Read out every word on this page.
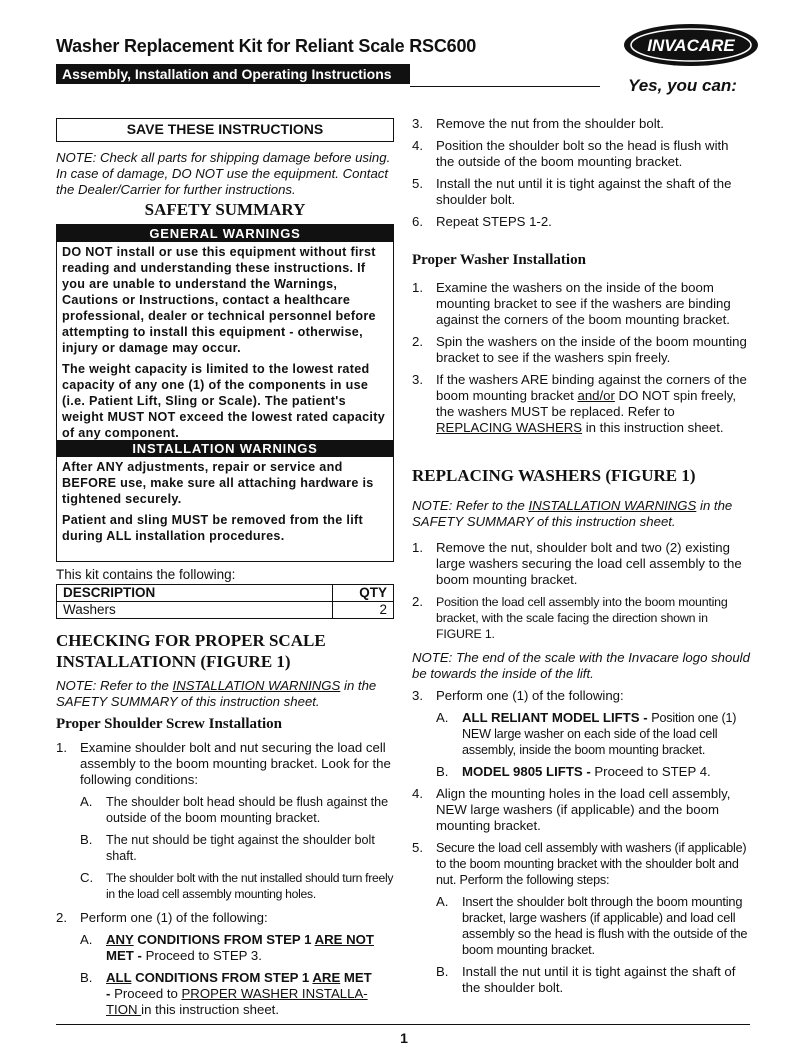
Washer Replacement Kit for Reliant Scale RSC600
Assembly, Installation and Operating Instructions
INVACARE
Yes, you can:
SAVE THESE INSTRUCTIONS

NOTE: Check all parts for shipping damage before using. In case of damage, DO NOT use the equipment. Contact the Dealer/Carrier for further instructions.

SAFETY SUMMARY
GENERAL WARNINGS

DO NOT install or use this equipment without first reading and understanding these instructions. If you are unable to understand the Warnings, Cautions or Instructions, contact a healthcare professional, dealer or technical personnel before attempting to install this equipment - otherwise, injury or damage may occur.

The weight capacity is limited to the lowest rated capacity of any one (1) of the components in use (i.e. Patient Lift, Sling or Scale). The patient's weight MUST NOT exceed the lowest rated capacity of any component.

INSTALLATION WARNINGS

After ANY adjustments, repair or service and BEFORE use, make sure all attaching hardware is tightened securely.

Patient and sling MUST be removed from the lift during ALL installation procedures.

This kit contains the following:
DESCRIPTION	QTY
Washers	2
CHECKING FOR PROPER SCALE
INSTALLATIONN (FIGURE 1)

NOTE: Refer to the INSTALLATION WARNINGS in the SAFETY SUMMARY of this instruction sheet.

Proper Shoulder Screw Installation
1. Examine shoulder bolt and nut securing the load cell assembly to the boom mounting bracket. Look for the following conditions:
A. The shoulder bolt head should be flush against the outside of the boom mounting bracket.
B. The nut should be tight against the shoulder bolt shaft.
C. The shoulder bolt with the nut installed should turn freely in the load cell assembly mounting holes.
2. Perform one (1) of the following:
A. ANY CONDITIONS FROM STEP 1 ARE NOT
MET - Proceed to STEP 3.
B. ALL CONDITIONS FROM STEP 1 ARE MET
- Proceed to PROPER WASHER INSTALLA-
TION in this instruction sheet.
3. Remove the nut from the shoulder bolt.
4. Position the shoulder bolt so the head is flush with the outside of the boom mounting bracket.
5. Install the nut until it is tight against the shaft of the shoulder bolt.
6. Repeat STEPS 1-2.
Proper Washer Installation
1. Examine the washers on the inside of the boom mounting bracket to see if the washers are binding against the corners of the boom mounting bracket.
2. Spin the washers on the inside of the boom mounting bracket to see if the washers spin freely.
3. If the washers ARE binding against the corners of the boom mounting bracket and/or DO NOT spin freely, the washers MUST be replaced. Refer to REPLACING WASHERS in this instruction sheet.
REPLACING WASHERS (FIGURE 1)

NOTE: Refer to the INSTALLATION WARNINGS in the SAFETY SUMMARY of this instruction sheet.

1. Remove the nut, shoulder bolt and two (2) existing large washers securing the load cell assembly to the boom mounting bracket.
2. Position the load cell assembly into the boom mounting bracket, with the scale facing the direction shown in FIGURE 1.
NOTE: The end of the scale with the Invacare logo should be towards the inside of the lift.
3. Perform one (1) of the following:
A. ALL RELIANT MODEL LIFTS - Position one (1) NEW large washer on each side of the load cell assembly, inside the boom mounting bracket.
B. MODEL 9805 LIFTS - Proceed to STEP 4.
4. Align the mounting holes in the load cell assembly, NEW large washers (if applicable) and the boom mounting bracket.
5. Secure the load cell assembly with washers (if applicable) to the boom mounting bracket with the shoulder bolt and nut. Perform the following steps:
A. Insert the shoulder bolt through the boom mounting bracket, large washers (if applicable) and load cell assembly so the head is flush with the outside of the boom mounting bracket.
B. Install the nut until it is tight against the shaft of the shoulder bolt.
1
